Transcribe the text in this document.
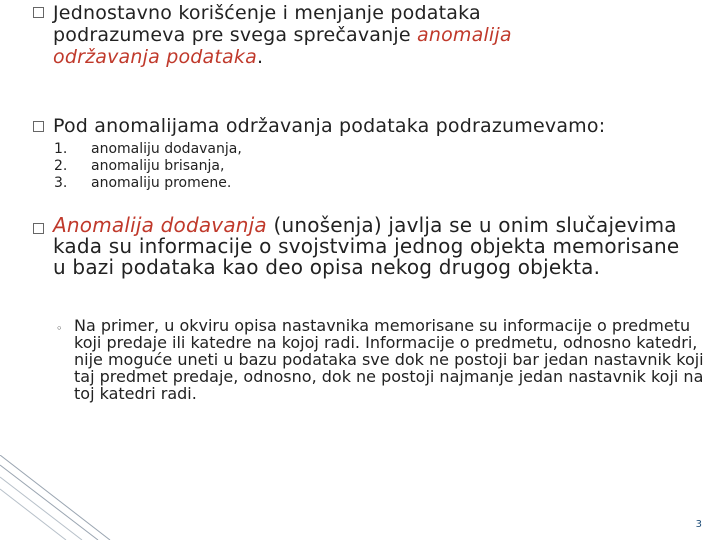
Jednostavno korišćenje i menjanje podataka podrazumeva pre svega sprečavanje anomalija održavanja podataka.

Pod anomalijama održavanja podataka podrazumevamo:

1.	anomaliju dodavanja,
2.	anomaliju brisanja,
3.	anomaliju promene.

Anomalija dodavanja (unošenja) javlja se u onim slučajevima kada su informacije o svojstvima jednog objekta memorisane u bazi podataka kao deo opisa nekog drugog objekta.

◦ Na primer, u okviru opisa nastavnika memorisane su informacije o predmetu koji predaje ili katedre na kojoj radi. Informacije o predmetu, odnosno katedri, nije moguće uneti u bazu podataka sve dok ne postoji bar jedan nastavnik koji taj predmet predaje, odnosno, dok ne postoji najmanje jedan nastavnik koji na toj katedri radi.

3
